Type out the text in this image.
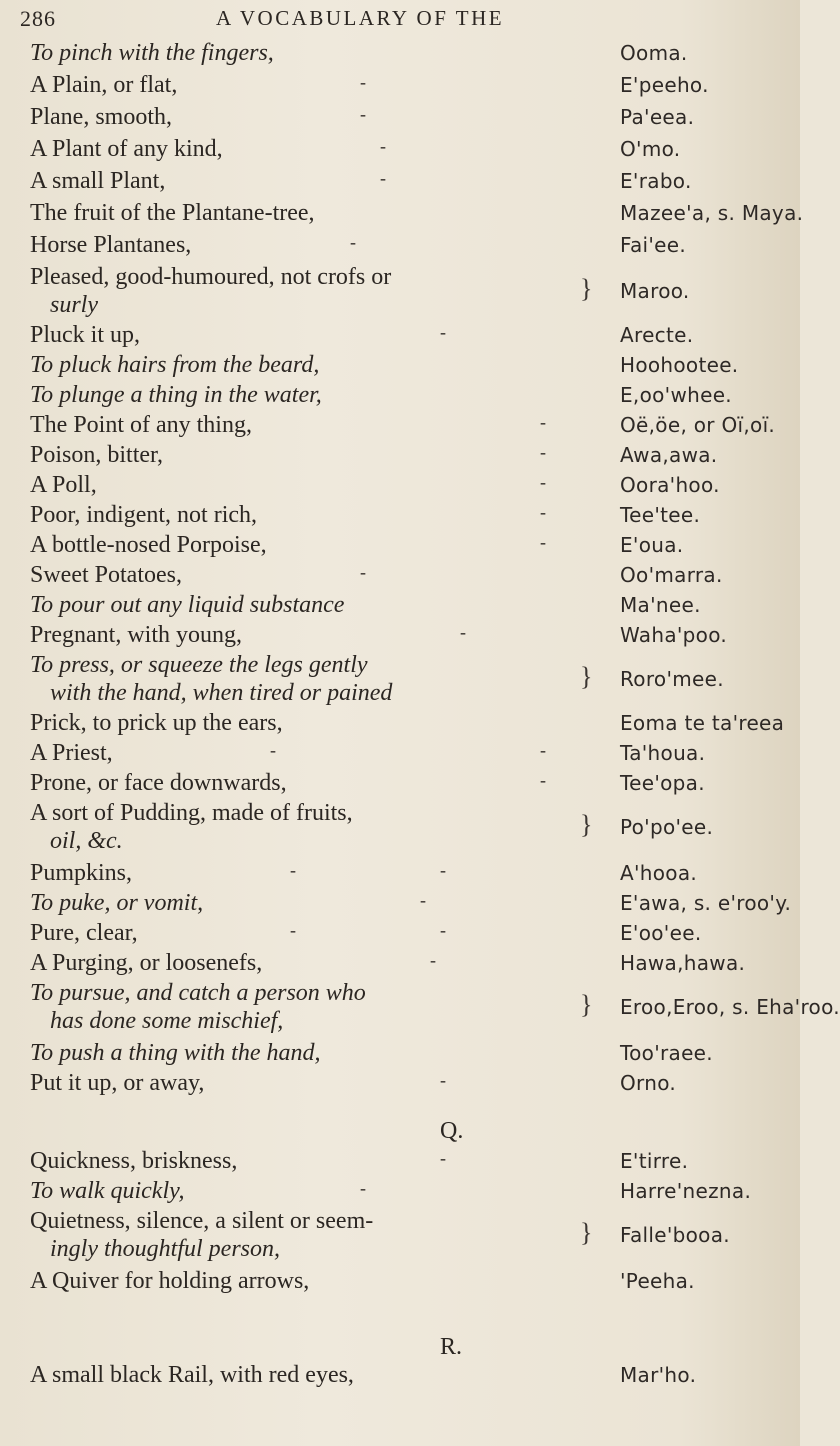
286	A VOCABULARY OF THE
To pinch with the fingers,	Ooma.
A Plain, or flat,	-	E'peeho.
Plane, smooth,	-	Pa'eea.
A Plant of any kind,	-	O'mo.
A small Plant,	-	E'rabo.
The fruit of the Plantane-tree,	Mazee'a, s. Maya.
Horse Plantanes,	-	Fai'ee.
Pleased, good-humoured, not crofs or
surly
} Maroo.
Pluck it up,	-	Arecte.
To pluck hairs from the beard,	Hoohootee.
To plunge a thing in the water,	E,oo'whee.
The Point of any thing,	-	Oë,öe, or Oï,oï.
Poison, bitter,	-	Awa,awa.
A Poll,	-	Oora'hoo.
Poor, indigent, not rich,	-	Tee'tee.
A bottle-nosed Porpoise,	-	E'oua.
Sweet Potatoes,	-	Oo'marra.
To pour out any liquid substance	Ma'nee.
Pregnant, with young,	-	Waha'poo.
To press, or squeeze the legs gently
with the hand, when tired or pained
} Roro'mee.
Prick, to prick up the ears,	Eoma te ta'reea
A Priest,	-	-	Ta'houa.
Prone, or face downwards,	-	Tee'opa.
A sort of Pudding, made of fruits,
oil, &c.
} Po'po'ee.
Pumpkins,	-	-	A'hooa.
To puke, or vomit,	-	E'awa, s. e'roo'y.
Pure, clear,	-	-	E'oo'ee.
A Purging, or loosenefs,	-	Hawa,hawa.
To pursue, and catch a person who
has done some mischief,
} Eroo,Eroo, s. Eha'roo.
To push a thing with the hand,	Too'raee.
Put it up, or away,	-	Orno.
Q.
Quickness, briskness,	-	E'tirre.
To walk quickly,	-	Harre'nezna.
Quietness, silence, a silent or seem-
ingly thoughtful person,
} Falle'booa.
A Quiver for holding arrows,	'Peeha.
R.
A small black Rail, with red eyes,	Mar'ho.
